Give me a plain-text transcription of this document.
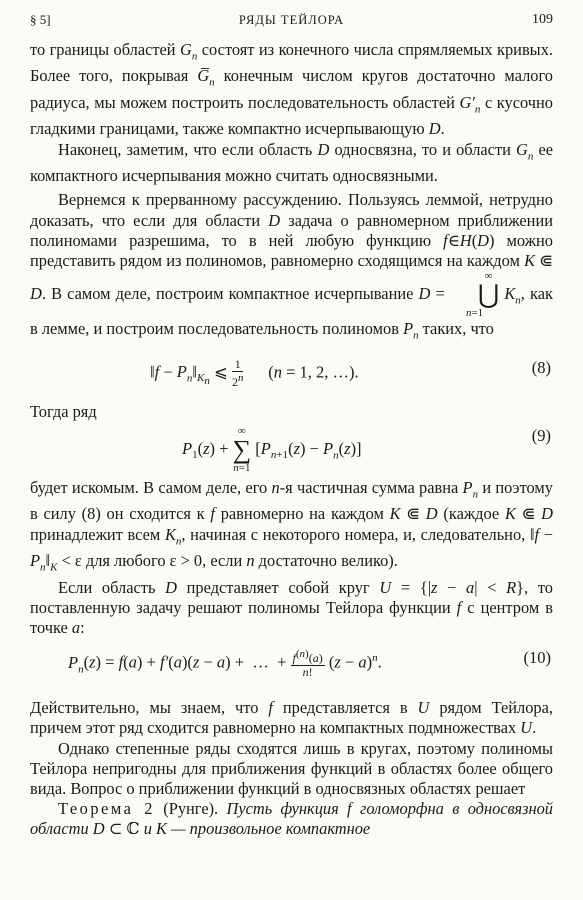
§ 5]	РЯДЫ ТЕЙЛОРА	109

то границы областей $G_n$ состоят из конечного числа спрямляемых кривых. Более того, покрывая $G̅_n$ конечным числом кругов достаточно малого радиуса, мы можем построить последовательность областей $G'_n$ с кусочно гладкими границами, также компактно исчерпывающую D.

Наконец, заметим, что если область D односвязна, то и области $G_n$ ее компактного исчерпывания можно считать односвязными.

Вернемся к прерванному рассуждению. Пользуясь леммой, нетрудно доказать, что если для области D задача о равномерном приближении полиномами разрешима, то в ней любую функцию f∈H(D) можно представить рядом из полиномов, равномерно сходящимся на каждом K ⋐ D. В самом деле, построим компактное исчерпывание D = ∞
⋃
n=1 $K_n$, как в лемме, и построим последовательность полиномов $P_n$ таких, что

‖f − $P_n‖_{K_n}$ ⩽ $\frac{1}{2^n} (n = 1$, 2, …).	(8)

Тогда ряд

$P_1(z)$ + ∞
∑
n=1 $[P_{n+1}(z) - P_n(z)]$
(9)

будет искомым. В самом деле, его n-я частичная сумма равна $P_n$ и поэтому в силу (8) он сходится к f равномерно на каждом K ⋐ D (каждое K ⋐ D принадлежит всем $K_n$, начиная с некоторого номера, и, следовательно, ‖f − $P_n‖_K < \varepsilon$ для любого ε > 0, если n достаточно велико).

Если область D представляет собой круг U = {|z − a| < R}, то поставленную задачу решают полиномы Тейлора функции f с центром в точке a:

$P_n(z) = f(a) + f'(a)(z - a)$ +  …  + $\frac{f^{(n)}(a)}{n!} (z - a)^n$.	(10)

Действительно, мы знаем, что f представляется в U рядом Тейлора, причем этот ряд сходится равномерно на компактных подмножествах U.

Однако степенные ряды сходятся лишь в кругах, поэтому полиномы Тейлора непригодны для приближения функций в областях более общего вида. Вопрос о приближении функций в односвязных областях решает

Теорема 2 (Рунге). Пусть функция f голоморфна в односвязной области D ⊂ ℂ и K — произвольное компактное
